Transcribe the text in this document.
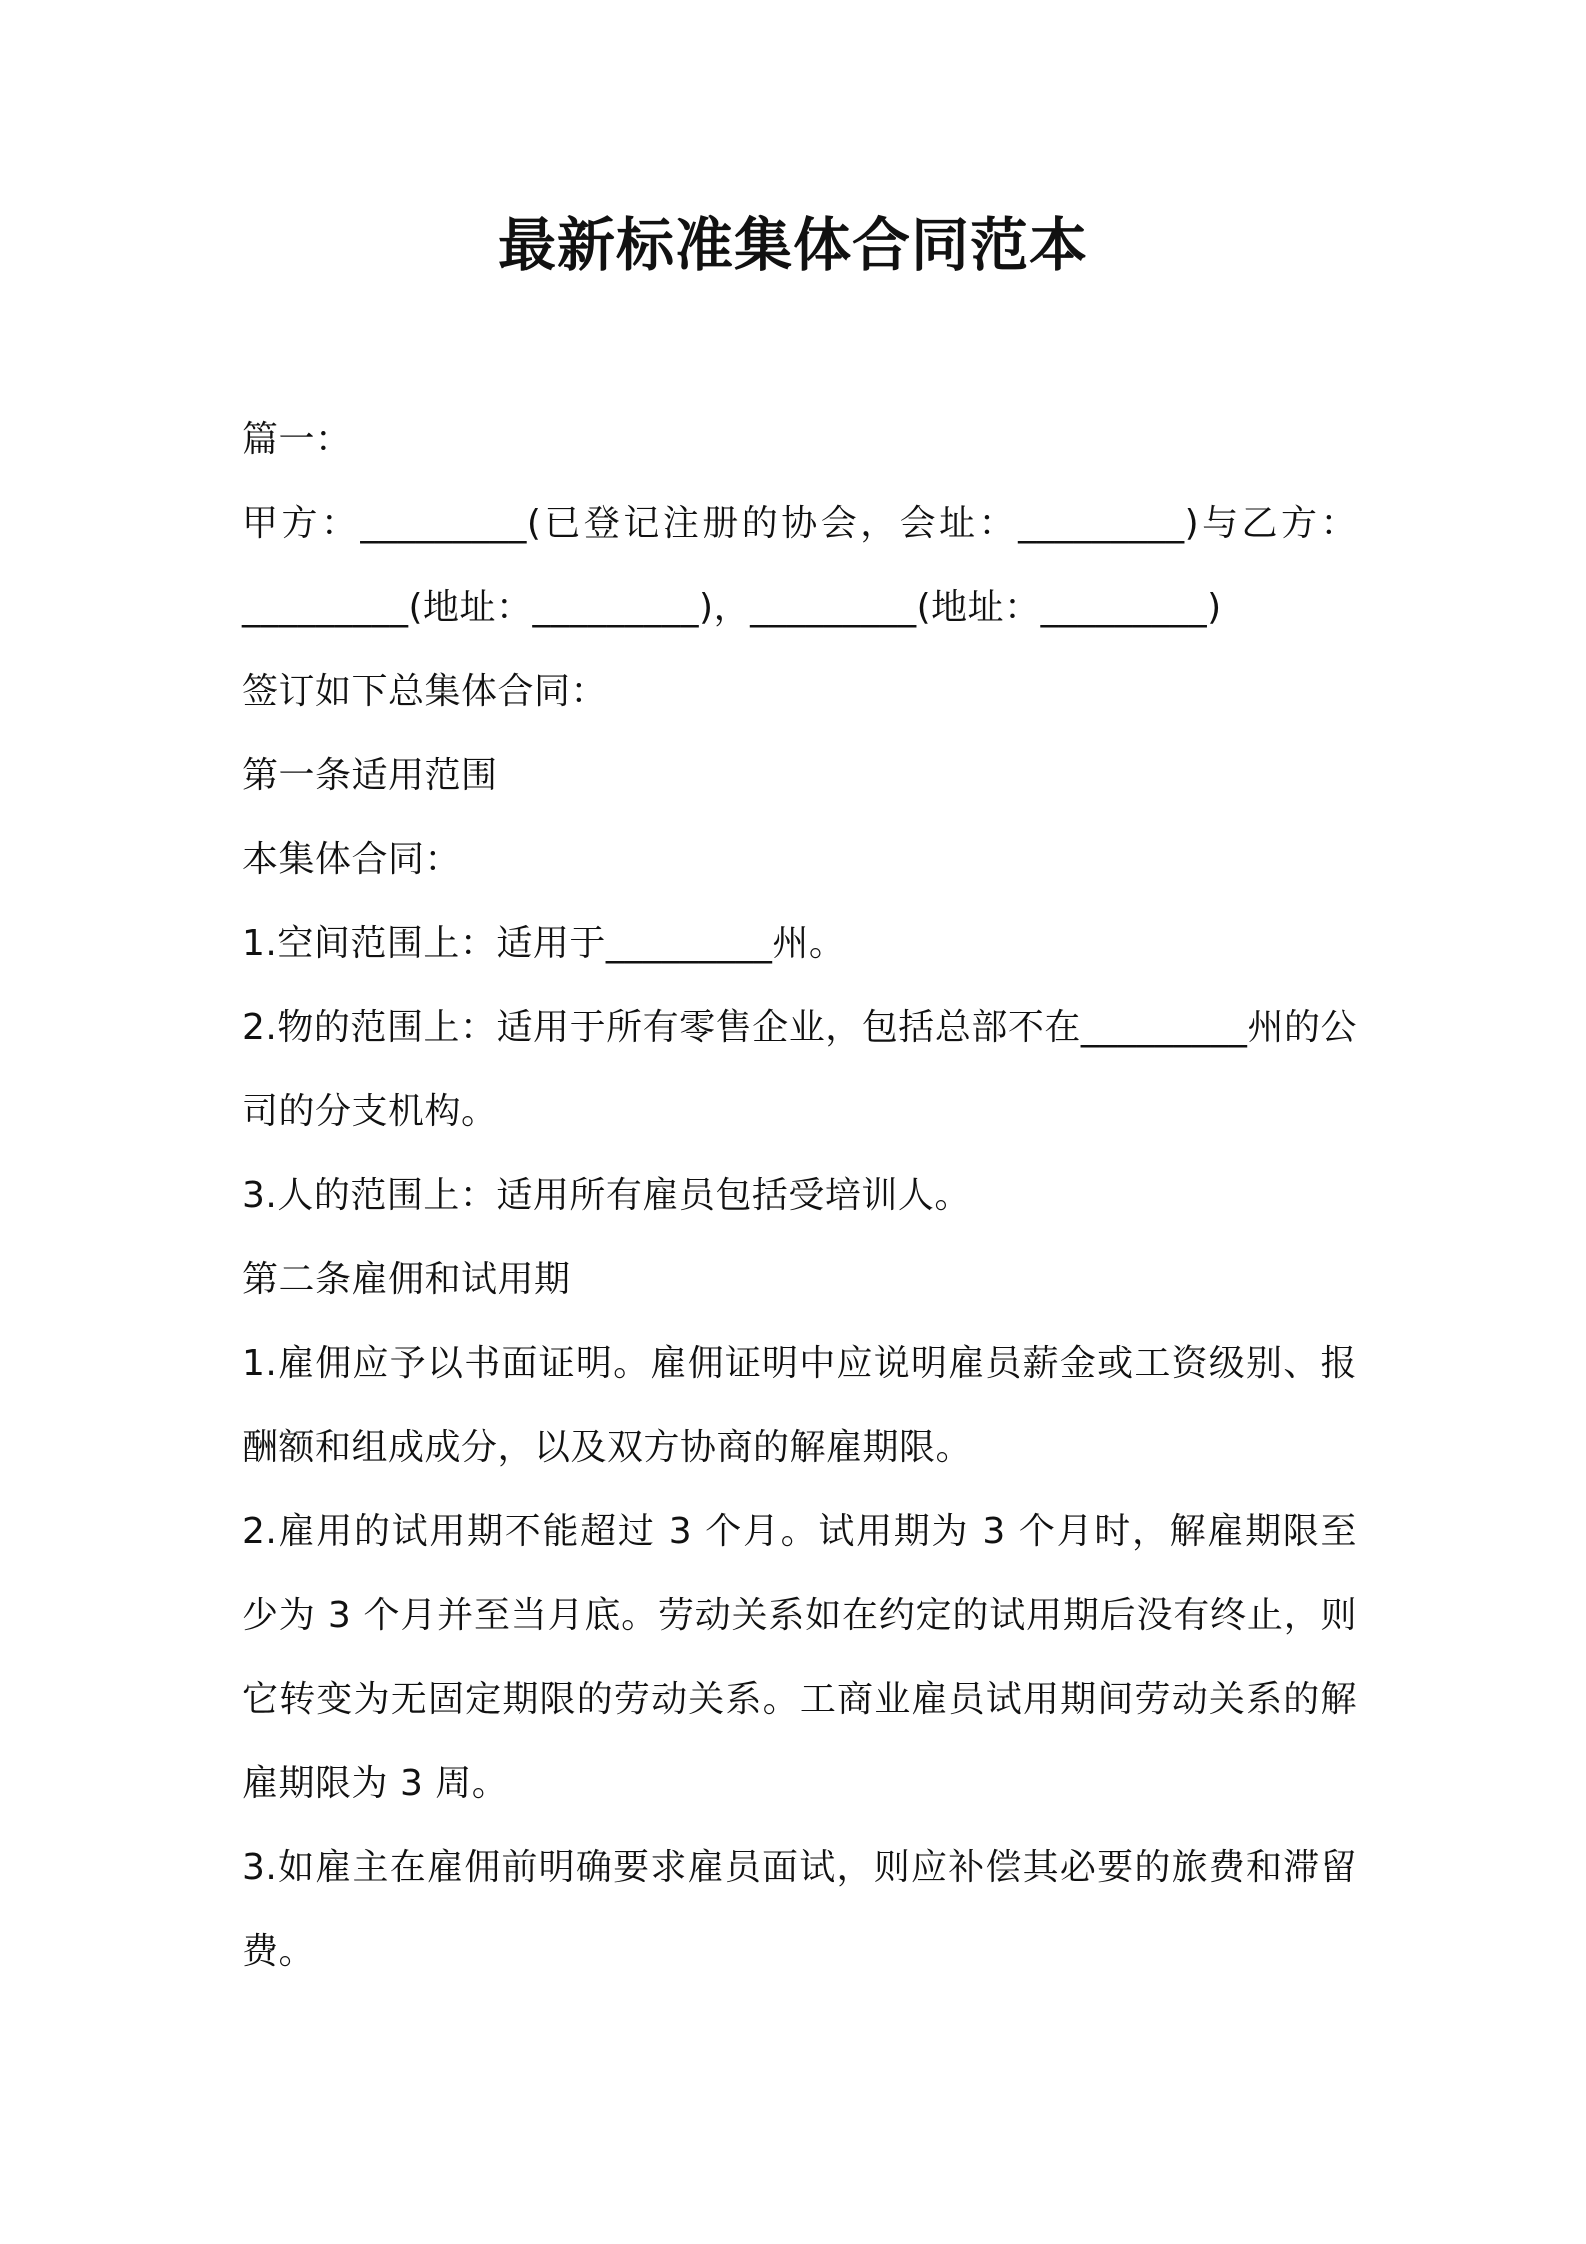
最新标准集体合同范本

篇一：

甲方：_________(已登记注册的协会，会址：_________)与乙方：_________(地址：_________)，_________(地址：_________)

签订如下总集体合同：

第一条适用范围

本集体合同：

1.空间范围上：适用于_________州。

2.物的范围上：适用于所有零售企业，包括总部不在_________州的公司的分支机构。

3.人的范围上：适用所有雇员包括受培训人。

第二条雇佣和试用期

1.雇佣应予以书面证明。雇佣证明中应说明雇员薪金或工资级别、报酬额和组成成分，以及双方协商的解雇期限。

2.雇用的试用期不能超过 3 个月。试用期为 3 个月时，解雇期限至少为 3 个月并至当月底。劳动关系如在约定的试用期后没有终止，则它转变为无固定期限的劳动关系。工商业雇员试用期间劳动关系的解雇期限为 3 周。

3.如雇主在雇佣前明确要求雇员面试，则应补偿其必要的旅费和滞留费。
